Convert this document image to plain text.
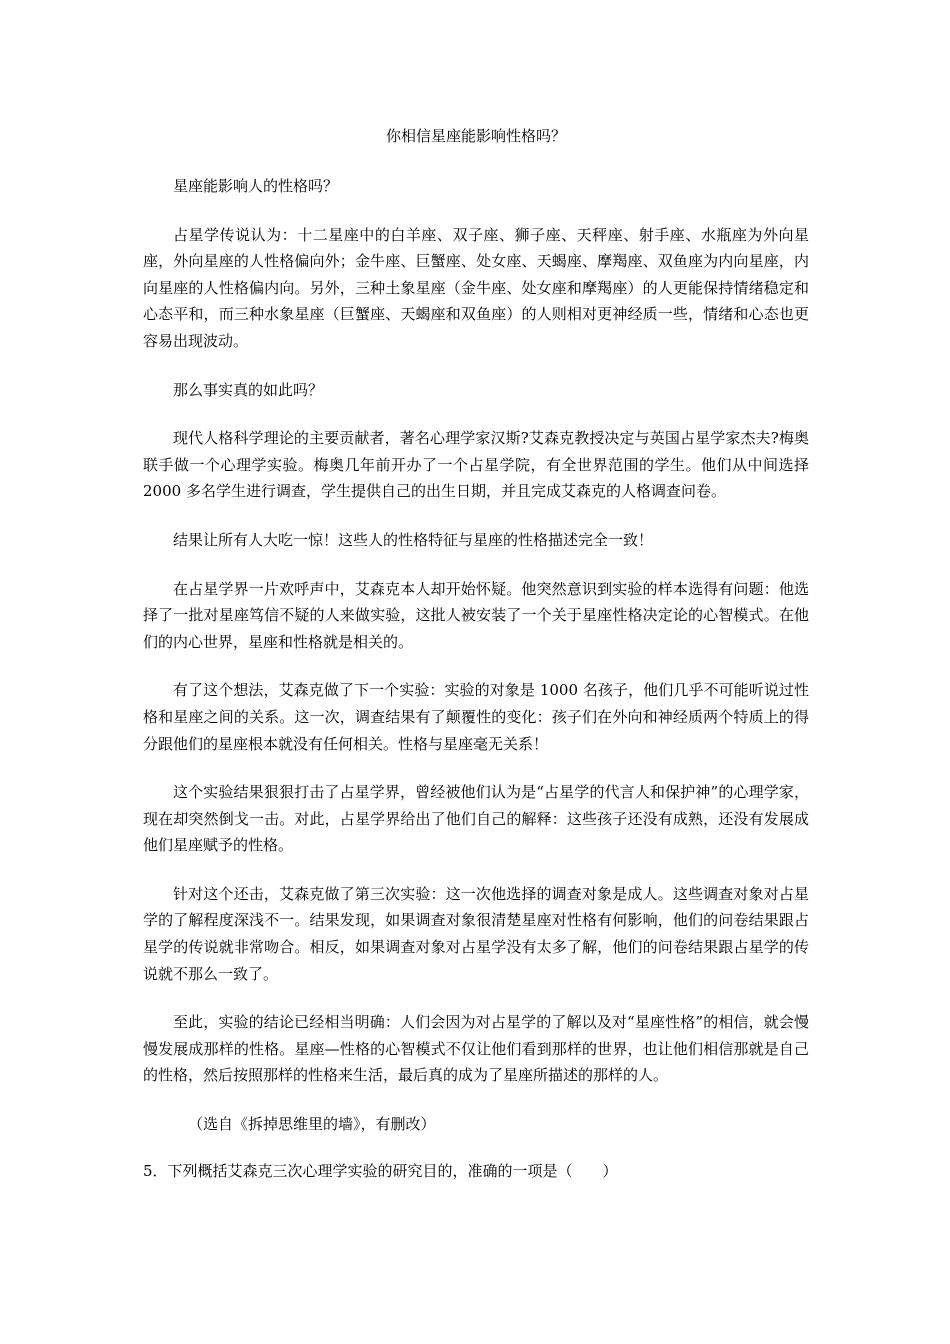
你相信星座能影响性格吗？

星座能影响人的性格吗？

占星学传说认为：十二星座中的白羊座、双子座、狮子座、天秤座、射手座、水瓶座为外向星座，外向星座的人性格偏向外；金牛座、巨蟹座、处女座、天蝎座、摩羯座、双鱼座为内向星座，内向星座的人性格偏内向。另外，三种土象星座（金牛座、处女座和摩羯座）的人更能保持情绪稳定和心态平和，而三种水象星座（巨蟹座、天蝎座和双鱼座）的人则相对更神经质一些，情绪和心态也更容易出现波动。

那么事实真的如此吗？

现代人格科学理论的主要贡献者，著名心理学家汉斯?艾森克教授决定与英国占星学家杰夫?梅奥联手做一个心理学实验。梅奥几年前开办了一个占星学院，有全世界范围的学生。他们从中间选择 2000 多名学生进行调查，学生提供自己的出生日期，并且完成艾森克的人格调查问卷。

结果让所有人大吃一惊！这些人的性格特征与星座的性格描述完全一致！

在占星学界一片欢呼声中，艾森克本人却开始怀疑。他突然意识到实验的样本选得有问题：他选择了一批对星座笃信不疑的人来做实验，这批人被安装了一个关于星座性格决定论的心智模式。在他们的内心世界，星座和性格就是相关的。

有了这个想法，艾森克做了下一个实验：实验的对象是 1000 名孩子，他们几乎不可能听说过性格和星座之间的关系。这一次，调查结果有了颠覆性的变化：孩子们在外向和神经质两个特质上的得分跟他们的星座根本就没有任何相关。性格与星座毫无关系！

这个实验结果狠狠打击了占星学界，曾经被他们认为是“占星学的代言人和保护神”的心理学家，现在却突然倒戈一击。对此，占星学界给出了他们自己的解释：这些孩子还没有成熟，还没有发展成他们星座赋予的性格。

针对这个还击，艾森克做了第三次实验：这一次他选择的调查对象是成人。这些调查对象对占星学的了解程度深浅不一。结果发现，如果调查对象很清楚星座对性格有何影响，他们的问卷结果跟占星学的传说就非常吻合。相反，如果调查对象对占星学没有太多了解，他们的问卷结果跟占星学的传说就不那么一致了。

至此，实验的结论已经相当明确：人们会因为对占星学的了解以及对“星座性格”的相信，就会慢慢发展成那样的性格。星座—性格的心智模式不仅让他们看到那样的世界，也让他们相信那就是自己的性格，然后按照那样的性格来生活，最后真的成为了星座所描述的那样的人。

（选自《拆掉思维里的墙》，有删改）

5．下列概括艾森克三次心理学实验的研究目的，准确的一项是（　　）
